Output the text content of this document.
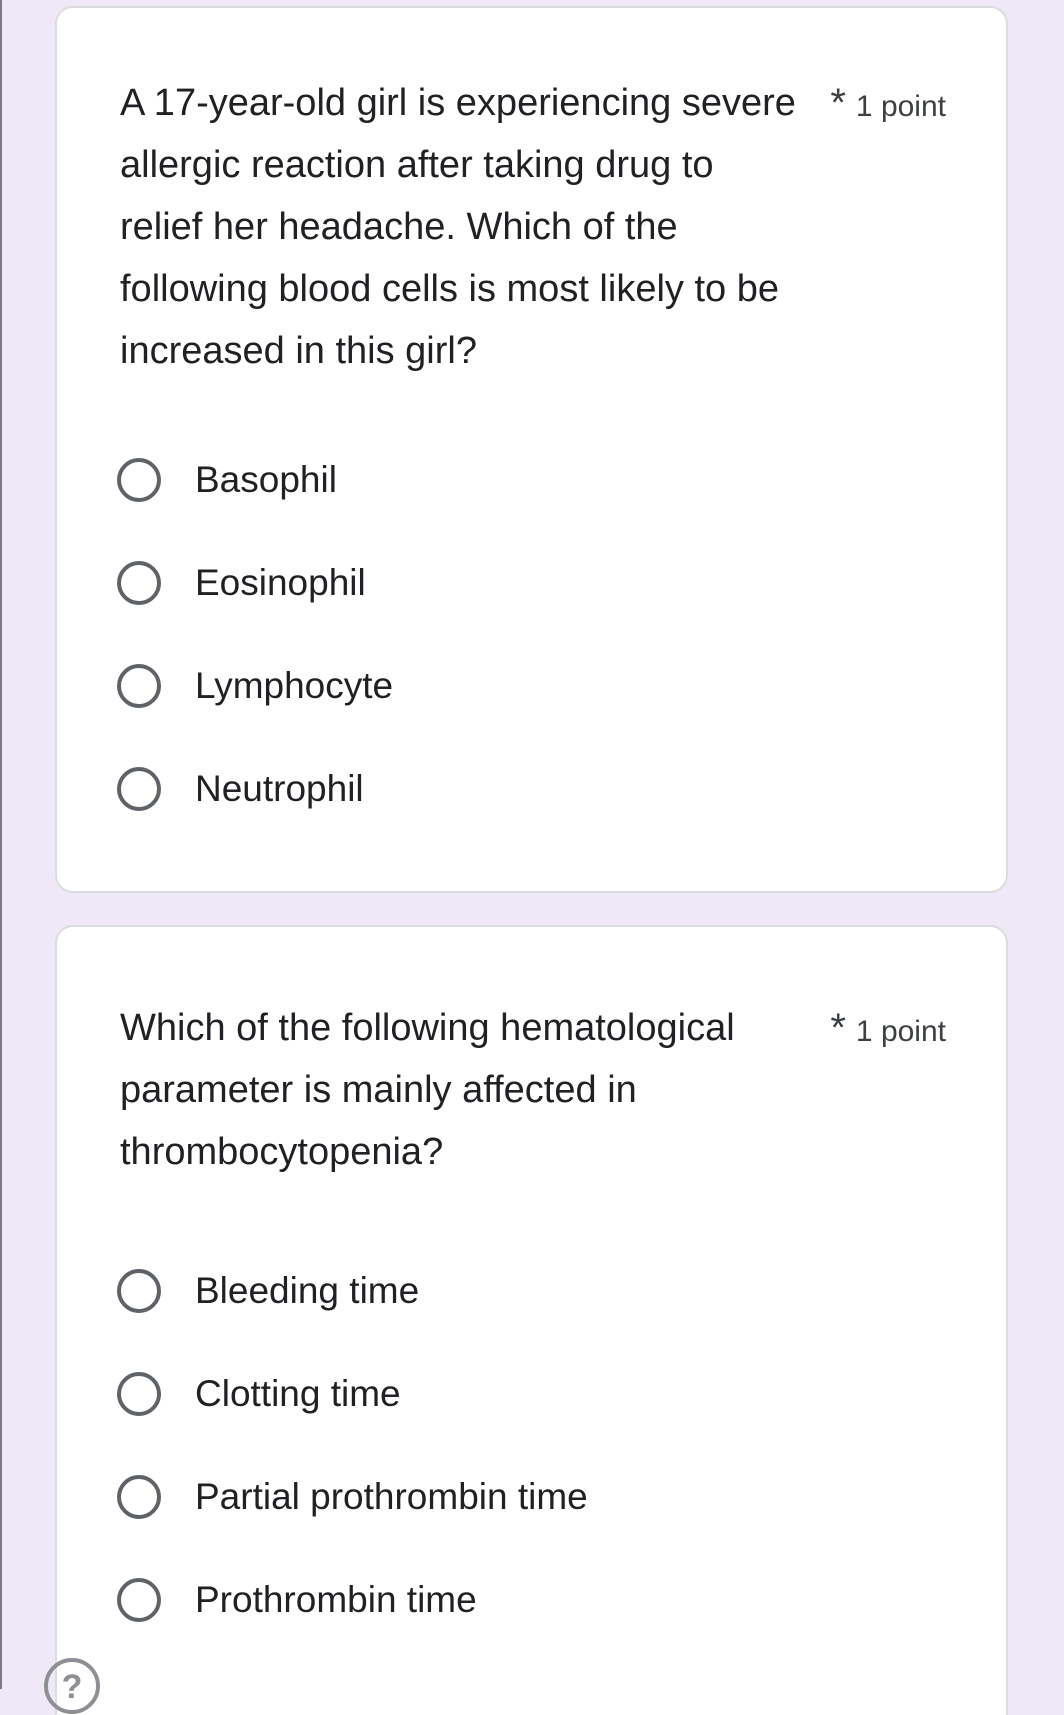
A 17-year-old girl is experiencing severe allergic reaction after taking drug to relief her headache. Which of the following blood cells is most likely to be increased in this girl?
* 1 point
Basophil
Eosinophil
Lymphocyte
Neutrophil
Which of the following hematological parameter is mainly affected in thrombocytopenia?
* 1 point
Bleeding time
Clotting time
Partial prothrombin time
Prothrombin time
?
